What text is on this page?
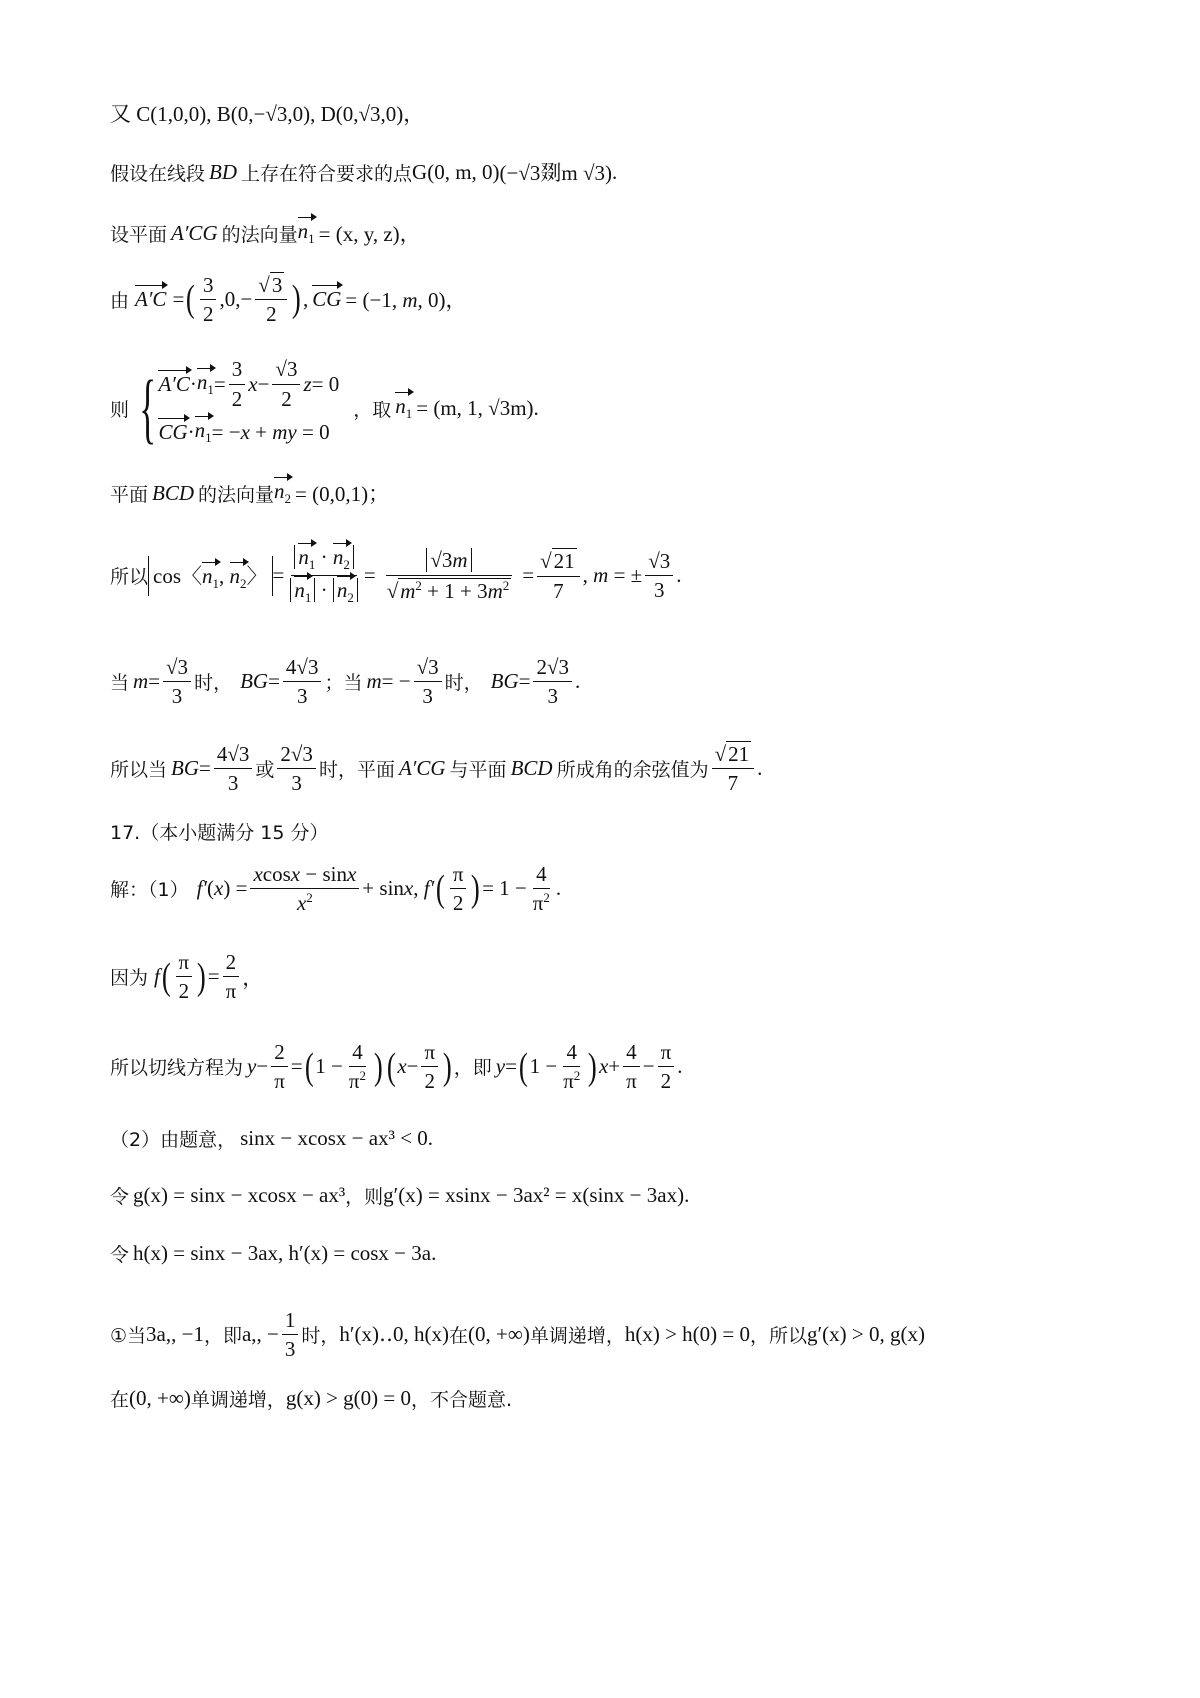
又 C(1,0,0), B(0,−√3,0), D(0,√3,0)，
假设在线段 BD 上存在符合要求的点 G(0, m, 0) (−√3剟m √3) .
设平面 A′CG 的法向量 $n_1 = (x$, y, z)，
由 A′C = ( $\frac{3}{2} ,0,- \frac{√ 3}{2}$ ) , CG = (−1, m, 0)，
则 { $A'C \cdot n_1 = \frac{3}{2}$ $x - \frac{√3}{2}$ z = 0
CG · $n_1 = -x$ + my = 0
，取 $n_1 = (m$, 1, √3m).
平面 BCD 的法向量 $n_2 = (0,0,1)$；
所以 cos〈$n_1$, $n_2$〉 = $\frac{n_1 \cdot n_2}{n_1 \cdot n_2} = \frac{√3m}{√ m^2 + 1 + 3m^2} = \frac{√ 21}{7}$ , m = ± $\frac{√3}{3}$ .
当 $m = \frac{√3}{3}$ 时， BG = $\frac{4√3}{3}$ ；当 m = − $\frac{√3}{3}$ 时， BG = $\frac{2√3}{3}$ .
所以当 BG = $\frac{4√3}{3}$ 或 $\frac{2√3}{3}$ 时，平面 A′CG 与平面 BCD 所成角的余弦值为 $\frac{√ 21}{7}$ .
17.（本小题满分 15 分）
解：（1） f′ $(x) = \frac{xcosx - \sin x}{x^2} + \sin x$, f′ ( $\frac{\pi}{2}$ ) = $1 - \frac{4}{\pi^2}$ .
因为 f ( $\frac{\pi}{2}$ ) = $\frac{2}{\pi}$ ，
所以切线方程为 $y - \frac{2}{\pi}$ = ( $1 - \frac{4}{\pi^2}$ ) ( $x - \frac{\pi}{2}$ ) ，即 y = ( $1 - \frac{4}{\pi^2}$ ) $x + \frac{4}{\pi} - \frac{\pi}{2}$ .
（2）由题意， sinx − xcosx − ax³ < 0.
令 g(x) = sinx − xcosx − ax³ ，则 g′(x) = xsinx − 3ax² = x(sinx − 3ax).
令 h(x) = sinx − 3ax, h′(x) = cosx − 3a.
①当 3a,, −1 ，即 a,, − $\frac{1}{3}$ 时， h′(x)‥0, h(x) 在 (0, +∞) 单调递增， h(x) > h(0) = 0 ，所以 g′(x) > 0, g(x)
在 (0, +∞) 单调递增， g(x) > g(0) = 0 ，不合题意.
